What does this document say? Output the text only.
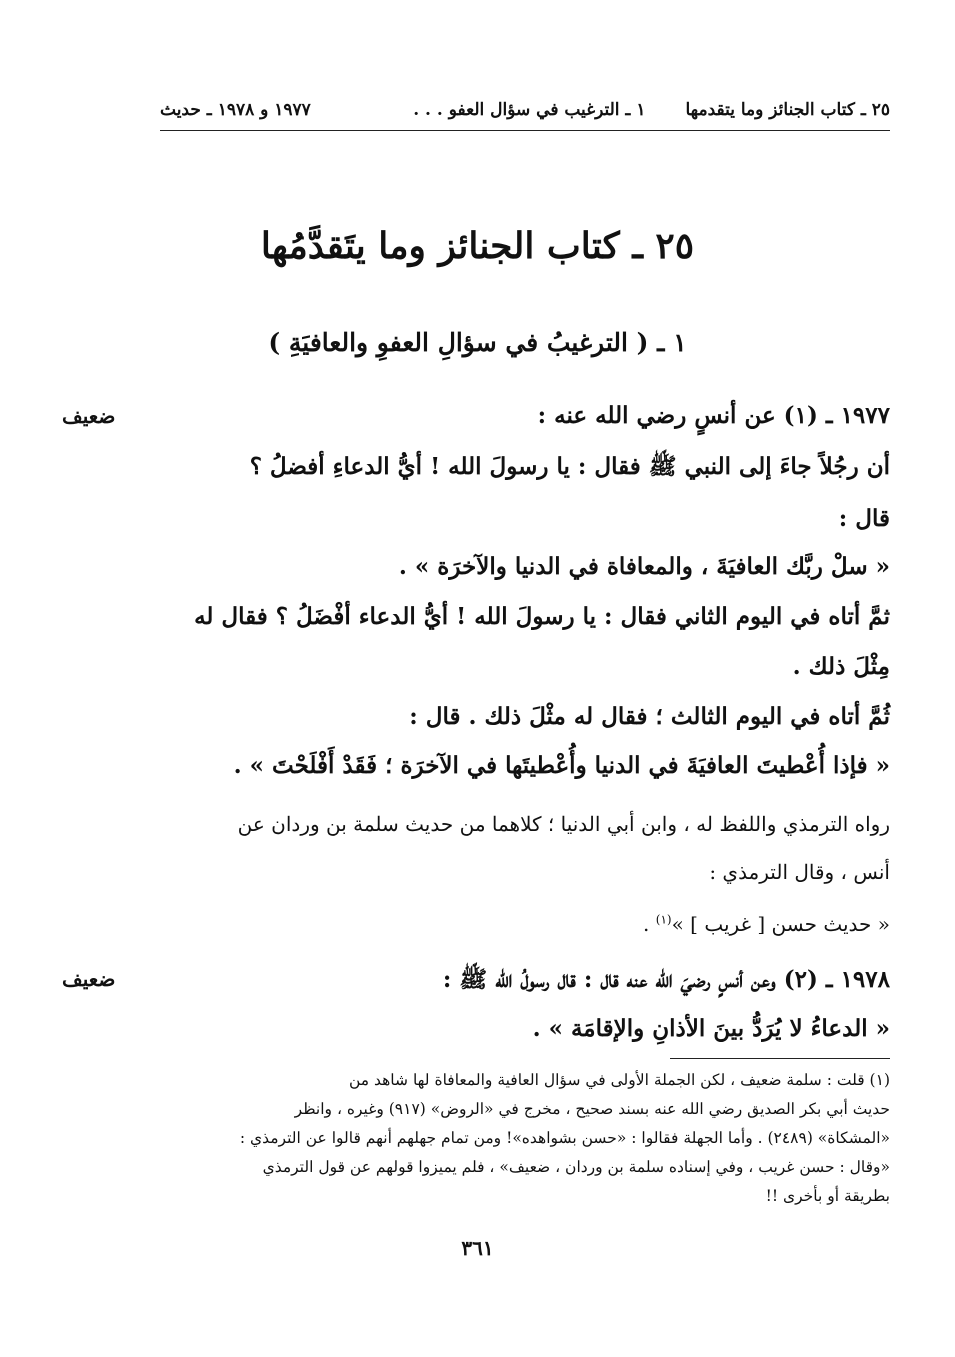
٢٥ ـ كتاب الجنائز وما يتقدمها
١ ـ الترغيب في سؤال العفو . . .
١٩٧٧ و ١٩٧٨ ـ حديث
٢٥ ـ كتاب الجنائز وما يتَقدَّمُها
١ ـ ( الترغيبُ في سؤالِ العفوِ والعافيَةِ )
ضعيف	١٩٧٧ ـ (١) عن أنسٍ رضي الله عنه :
أن رجُلاً جاءَ إلى النبي ﷺ فقال : يا رسولَ الله ! أيُّ الدعاءِ أفضلُ ؟
قال :
« سلْ ربَّك العافيَةَ ، والمعافاة في الدنيا والآخرَة » .
ثمَّ أتاه في اليوم الثاني فقال : يا رسولَ الله ! أيُّ الدعاء أفْضَلُ ؟ فقال له
مِثْلَ ذلك .
ثُمَّ أتاه في اليوم الثالث ؛ فقال له مثْلَ ذلك . قال :
« فإذا أُعْطيتَ العافيَةَ في الدنيا وأُعْطيتَها في الآخرَة ؛ فَقَدْ أَفْلَحْتَ » .
رواه الترمذي واللفظ له ، وابن أبي الدنيا ؛ كلاهما من حديث سلمة بن وردان عن
أنس ، وقال الترمذي :
« حديث حسن [ غريب ] »$^{(١)}$ .
ضعيف	١٩٧٨ ـ (٢) وعن أنسٍ رضيَ الله عنه قال : قال رسولُ الله ﷺ :
« الدعاءُ لا يُرَدُّ بينَ الأذانِ والإقامَة » .
(١) قلت : سلمة ضعيف ، لكن الجملة الأولى في سؤال العافية والمعافاة لها شاهد من
حديث أبي بكر الصديق رضي الله عنه بسند صحيح ، مخرج في «الروض» (٩١٧) وغيره ، وانظر
«المشكاة» (٢٤٨٩) . وأما الجهلة فقالوا : «حسن بشواهده»! ومن تمام جهلهم أنهم قالوا عن الترمذي :
«وقال : حسن غريب ، وفي إسناده سلمة بن وردان ، ضعيف» ، فلم يميزوا قولهم عن قول الترمذي
بطريقة أو بأخرى !!
٣٦١
